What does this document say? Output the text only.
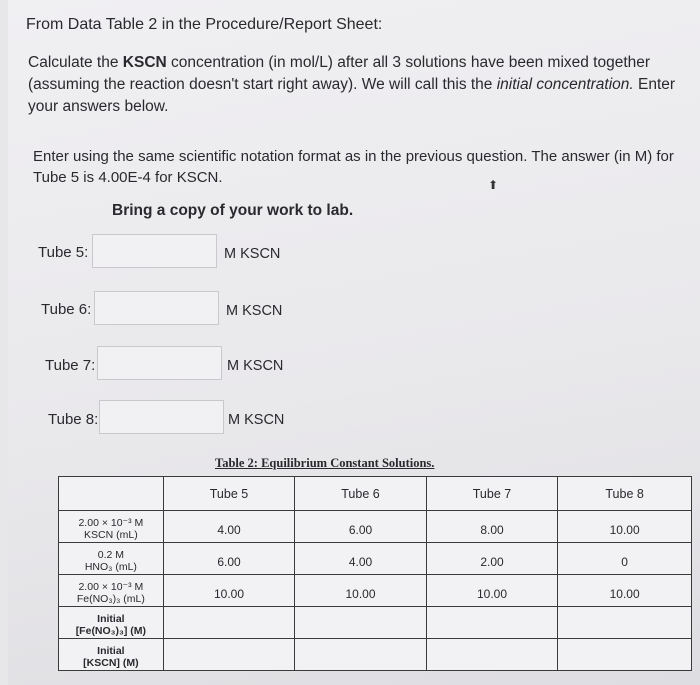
From Data Table 2 in the Procedure/Report Sheet:
Calculate the KSCN concentration (in mol/L) after all 3 solutions have been mixed together (assuming the reaction doesn't start right away). We will call this the initial concentration. Enter your answers below.
Enter using the same scientific notation format as in the previous question. The answer (in M) for Tube 5 is 4.00E-4 for KSCN.	⬆
Bring a copy of your work to lab.
Tube 5:	M KSCN
Tube 6:	M KSCN
Tube 7:	M KSCN
Tube 8:	M KSCN
Table 2: Equilibrium Constant Solutions.
	Tube 5	Tube 6	Tube 7	Tube 8

2.00 × 10⁻³ M
KSCN (mL)	4.00	6.00	8.00	10.00

0.2 M
HNO₃ (mL)	6.00	4.00	2.00	0

2.00 × 10⁻³ M
Fe(NO₃)₃ (mL)	10.00	10.00	10.00	10.00

Initial
[Fe(NO₃)₃] (M)				

Initial
[KSCN] (M)				
